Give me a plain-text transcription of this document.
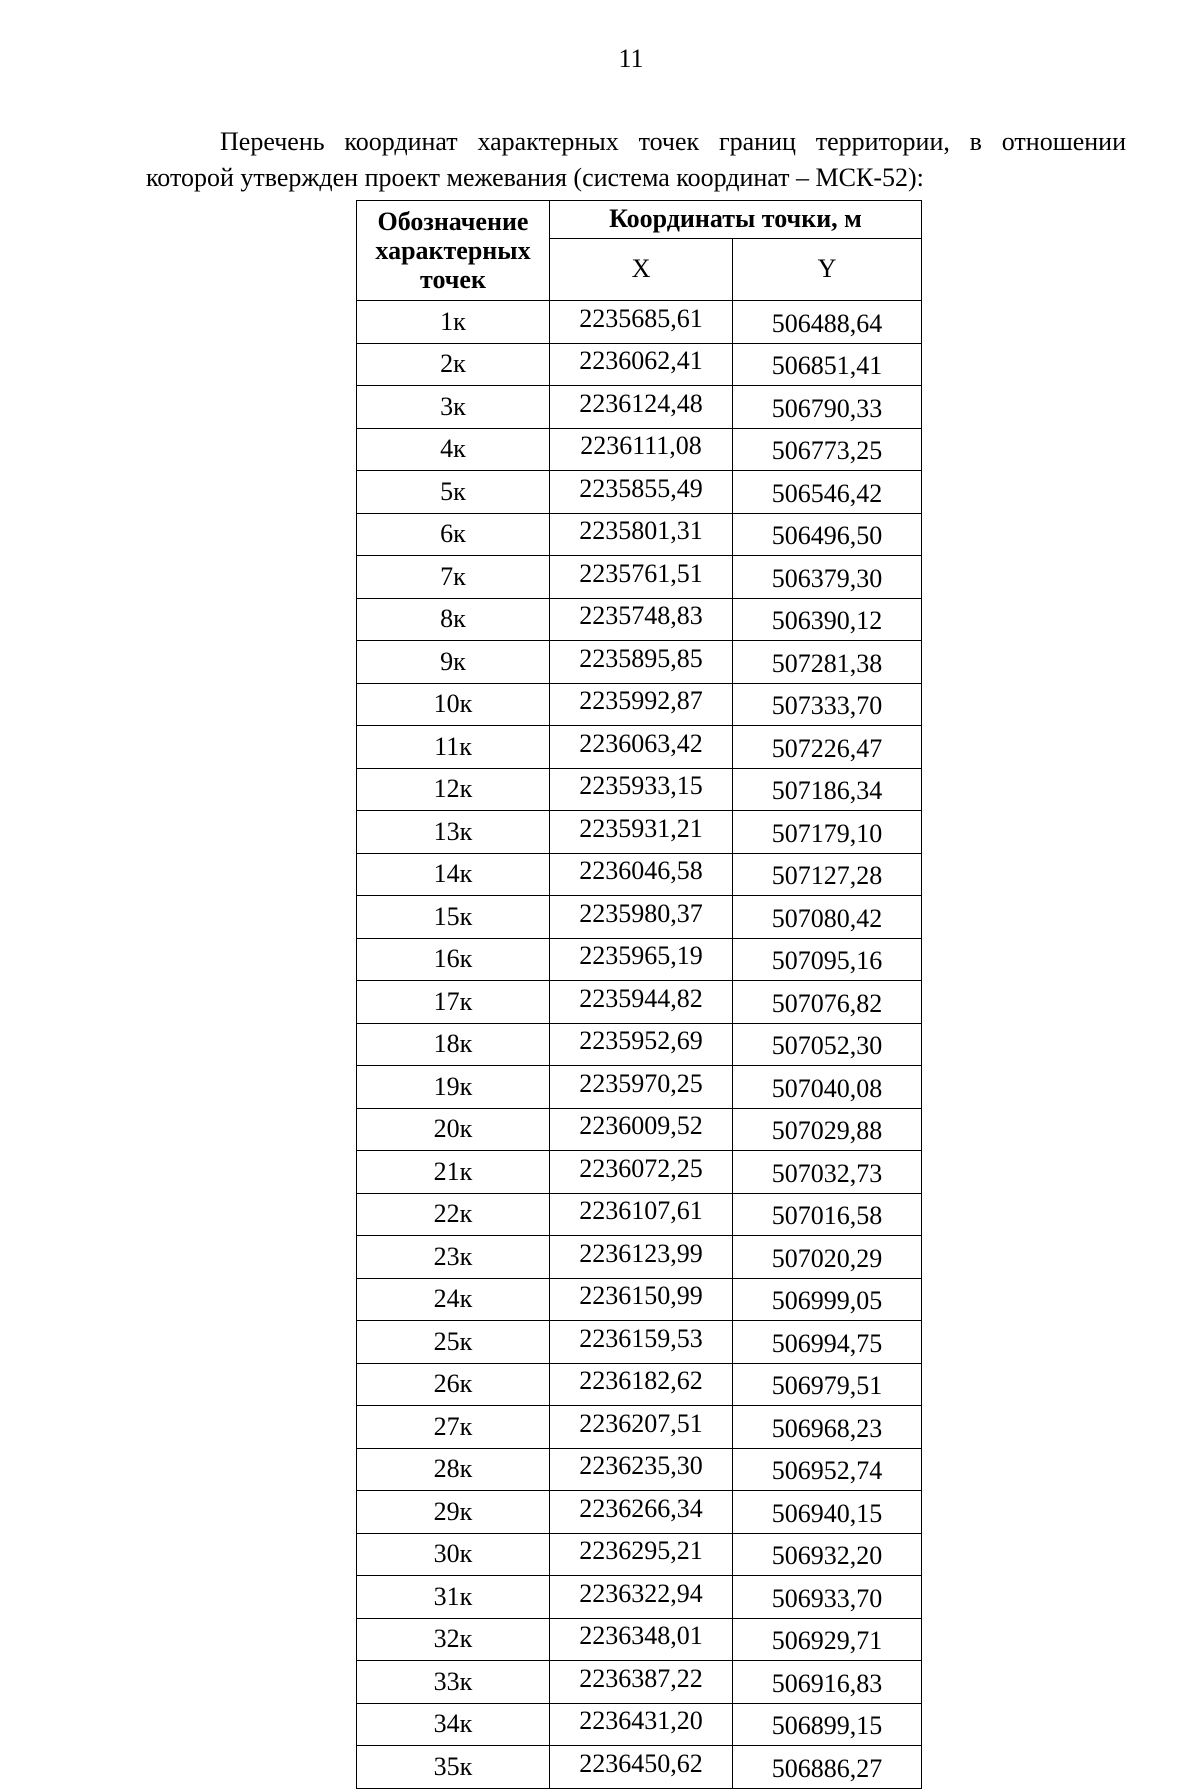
11

Перечень координат характерных точек границ территории, в отношении которой утвержден проект межевания (система координат – МСК-52):

Обозначение характерных точек	Координаты точки, м	
	X	Y
1к	2235685,61	506488,64
2к	2236062,41	506851,41
3к	2236124,48	506790,33
4к	2236111,08	506773,25
5к	2235855,49	506546,42
6к	2235801,31	506496,50
7к	2235761,51	506379,30
8к	2235748,83	506390,12
9к	2235895,85	507281,38
10к	2235992,87	507333,70
11к	2236063,42	507226,47
12к	2235933,15	507186,34
13к	2235931,21	507179,10
14к	2236046,58	507127,28
15к	2235980,37	507080,42
16к	2235965,19	507095,16
17к	2235944,82	507076,82
18к	2235952,69	507052,30
19к	2235970,25	507040,08
20к	2236009,52	507029,88
21к	2236072,25	507032,73
22к	2236107,61	507016,58
23к	2236123,99	507020,29
24к	2236150,99	506999,05
25к	2236159,53	506994,75
26к	2236182,62	506979,51
27к	2236207,51	506968,23
28к	2236235,30	506952,74
29к	2236266,34	506940,15
30к	2236295,21	506932,20
31к	2236322,94	506933,70
32к	2236348,01	506929,71
33к	2236387,22	506916,83
34к	2236431,20	506899,15
35к	2236450,62	506886,27
